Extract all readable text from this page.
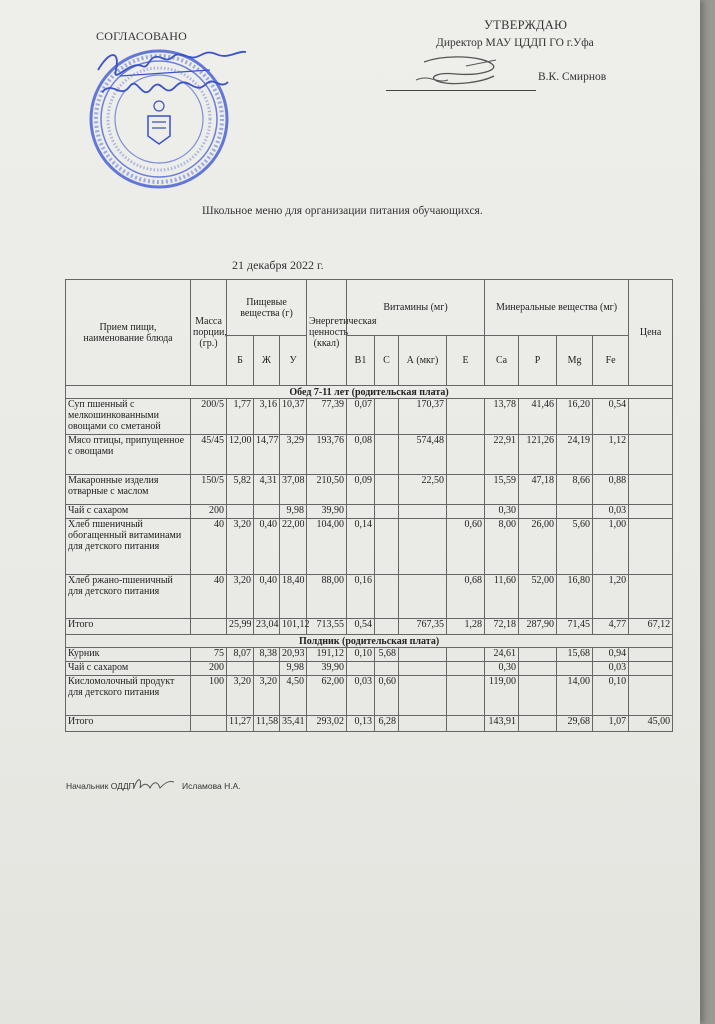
СОГЛАСОВАНО
УТВЕРЖДАЮ
Директор МАУ ЦДДП ГО г.Уфа
В.К. Смирнов
Школьное меню для организации питания обучающихся.
21 декабря 2022 г.
Прием пищи, наименование блюда	Масса порции, (гр.)	Пищевые вещества (г)			Энергетическая ценность (ккал)	Витамины (мг)				Минеральные вещества (мг)				Цена
		Б	Ж	У		В1	С	А (мкг)	Е	Са	Р	Mg	Fe	
Обед 7-11 лет (родительская плата)														
Суп пшенный с мелкошинкованными овощами со сметаной	200/5	1,77	3,16	10,37	77,39	0,07		170,37		13,78	41,46	16,20	0,54	
Мясо птицы, припущенное с овощами	45/45	12,00	14,77	3,29	193,76	0,08		574,48		22,91	121,26	24,19	1,12	
Макаронные изделия отварные с маслом	150/5	5,82	4,31	37,08	210,50	0,09		22,50		15,59	47,18	8,66	0,88	
Чай с сахаром	200			9,98	39,90					0,30			0,03	
Хлеб пшеничный обогащенный витаминами для детского питания	40	3,20	0,40	22,00	104,00	0,14			0,60	8,00	26,00	5,60	1,00	
Хлеб ржано-пшеничный для детского питания	40	3,20	0,40	18,40	88,00	0,16			0,68	11,60	52,00	16,80	1,20	
Итого		25,99	23,04	101,12	713,55	0,54		767,35	1,28	72,18	287,90	71,45	4,77	67,12
Полдник (родительская плата)														
Курник	75	8,07	8,38	20,93	191,12	0,10	5,68			24,61		15,68	0,94	
Чай с сахаром	200			9,98	39,90					0,30			0,03	
Кисломолочный продукт для детского питания	100	3,20	3,20	4,50	62,00	0,03	0,60			119,00		14,00	0,10	
Итого		11,27	11,58	35,41	293,02	0,13	6,28			143,91		29,68	1,07	45,00
Начальник ОДДП	Исламова Н.А.
